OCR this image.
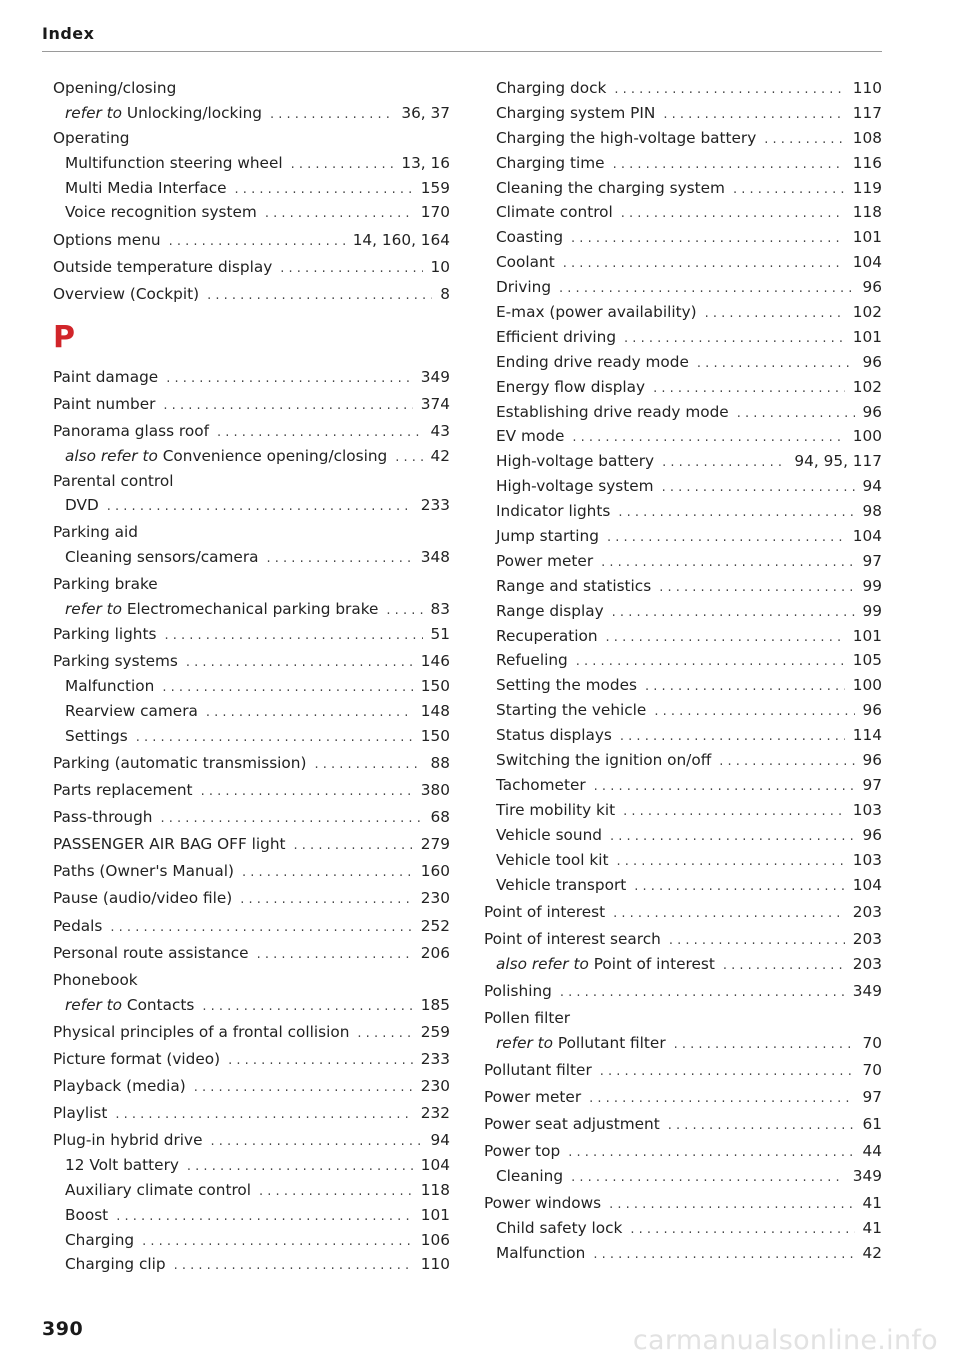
Index
Opening/closing
refer to Unlocking/locking . . .	36, 37
Operating
Multifunction steering wheel . . .	13, 16
Multi Media Interface . . .	159
Voice recognition system . . .	170
Options menu . . .	14, 160, 164
Outside temperature display . . .	10
Overview (Cockpit) . . .	8
P
Paint damage . . .	349
Paint number . . .	374
Panorama glass roof . . .	43
also refer to Convenience opening/closing . . .	42
Parental control
DVD . . .	233
Parking aid
Cleaning sensors/camera . . .	348
Parking brake
refer to Electromechanical parking brake . . .	83
Parking lights . . .	51
Parking systems . . .	146
Malfunction . . .	150
Rearview camera . . .	148
Settings . . .	150
Parking (automatic transmission) . . .	88
Parts replacement . . .	380
Pass-through . . .	68
PASSENGER AIR BAG OFF light . . .	279
Paths (Owner's Manual) . . .	160
Pause (audio/video file) . . .	230
Pedals . . .	252
Personal route assistance . . .	206
Phonebook
refer to Contacts . . .	185
Physical principles of a frontal collision . . .	259
Picture format (video) . . .	233
Playback (media) . . .	230
Playlist . . .	232
Plug-in hybrid drive . . .	94
12 Volt battery . . .	104
Auxiliary climate control . . .	118
Boost . . .	101
Charging . . .	106
Charging clip . . .	110
Charging dock . . .	110
Charging system PIN . . .	117
Charging the high-voltage battery . . .	108
Charging time . . .	116
Cleaning the charging system . . .	119
Climate control . . .	118
Coasting . . .	101
Coolant . . .	104
Driving . . .	96
E-max (power availability) . . .	102
Efficient driving . . .	101
Ending drive ready mode . . .	96
Energy flow display . . .	102
Establishing drive ready mode . . .	96
EV mode . . .	100
High-voltage battery . . .	94, 95, 117
High-voltage system . . .	94
Indicator lights . . .	98
Jump starting . . .	104
Power meter . . .	97
Range and statistics . . .	99
Range display . . .	99
Recuperation . . .	101
Refueling . . .	105
Setting the modes . . .	100
Starting the vehicle . . .	96
Status displays . . .	114
Switching the ignition on/off . . .	96
Tachometer . . .	97
Tire mobility kit . . .	103
Vehicle sound . . .	96
Vehicle tool kit . . .	103
Vehicle transport . . .	104
Point of interest . . .	203
Point of interest search . . .	203
also refer to Point of interest . . .	203
Polishing . . .	349
Pollen filter
refer to Pollutant filter . . .	70
Pollutant filter . . .	70
Power meter . . .	97
Power seat adjustment . . .	61
Power top . . .	44
Cleaning . . .	349
Power windows . . .	41
Child safety lock . . .	41
Malfunction . . .	42
390	carmanualsonline.info
